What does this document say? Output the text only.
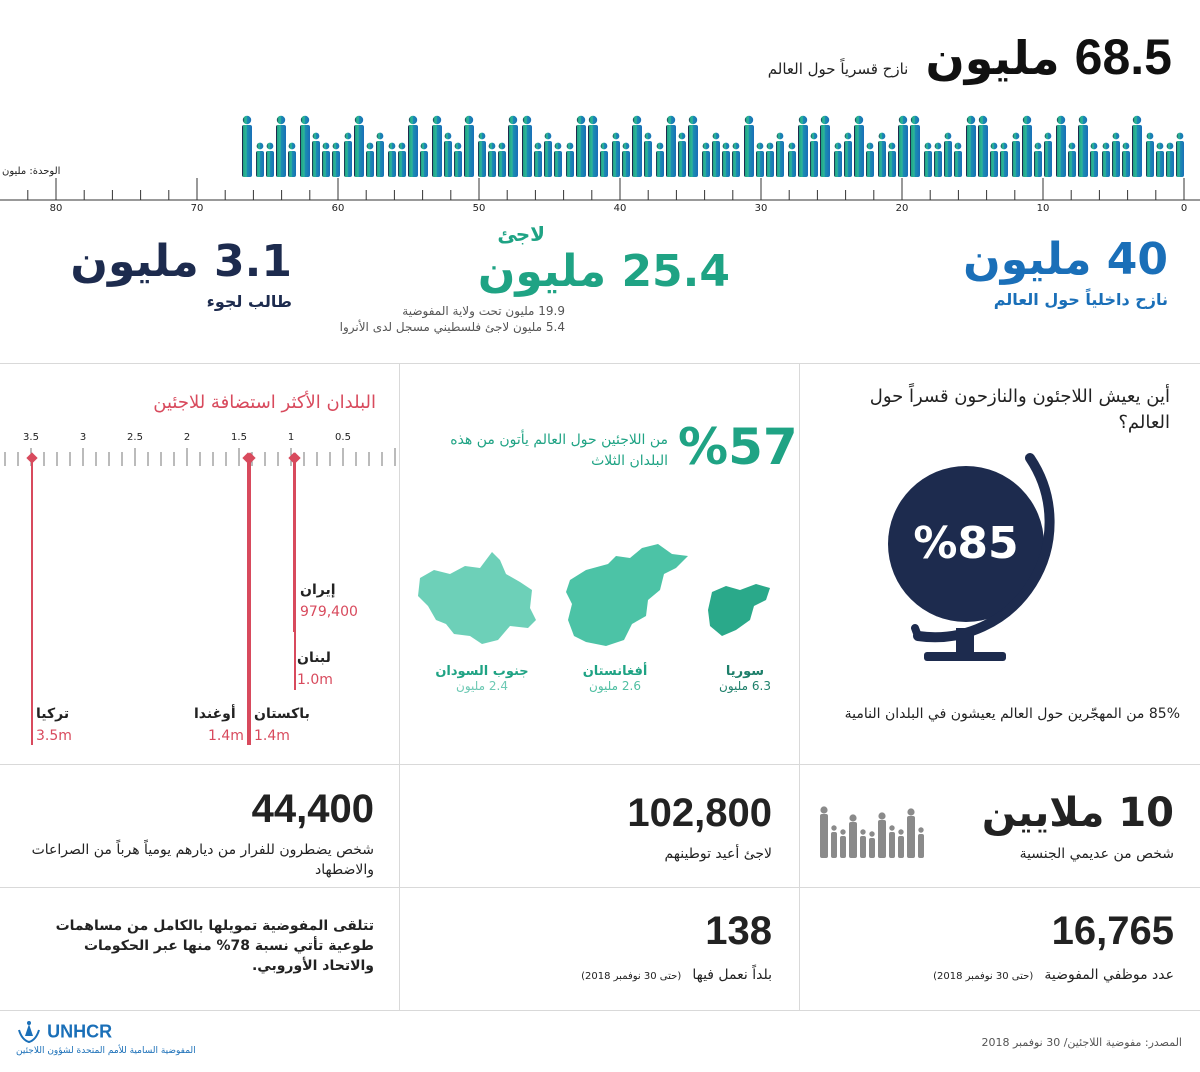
68.5 مليون نازح قسرياً حول العالم
الوحدة: مليون
80	70	60	50	40	30	20	10	0
40 مليون
نازح داخلياً حول العالم
لاجئ
25.4 مليون
19.9 مليون تحت ولاية المفوضية
5.4 مليون لاجئ فلسطيني مسجل لدى الأنروا
3.1 مليون
طالب لجوء
أين يعيش اللاجئون والنازحون قسراً حول العالم؟
%85
85% من المهجّرين حول العالم يعيشون في البلدان النامية
%57
من اللاجئين حول العالم يأتون من هذه البلدان الثلاث
جنوب السودان
2.4 مليون
أفغانستان
2.6 مليون
سوريا
6.3 مليون
البلدان الأكثر استضافة للاجئين
3.5	3	2.5	2	1.5	1	0.5
إيران
979,400
لبنان
1.0m
باكستان
1.4m
أوغندا
1.4m
تركيا
3.5m
10 ملايين
شخص من عديمي الجنسية
102,800
لاجئ أعيد توطينهم
44,400
شخص يضطرون للفرار من ديارهم يومياً هرباً من الصراعات والاضطهاد
16,765
عدد موظفي المفوضية (حتى 30 نوفمبر 2018)
138
بلداً نعمل فيها (حتى 30 نوفمبر 2018)
تتلقى المفوضية تمويلها بالكامل من مساهمات طوعية تأتي نسبة 78% منها عبر الحكومات والاتحاد الأوروبي.
UNHCR
المفوضية السامية للأمم المتحدة لشؤون اللاجئين
المصدر: مفوضية اللاجئين/ 30 نوفمبر 2018
